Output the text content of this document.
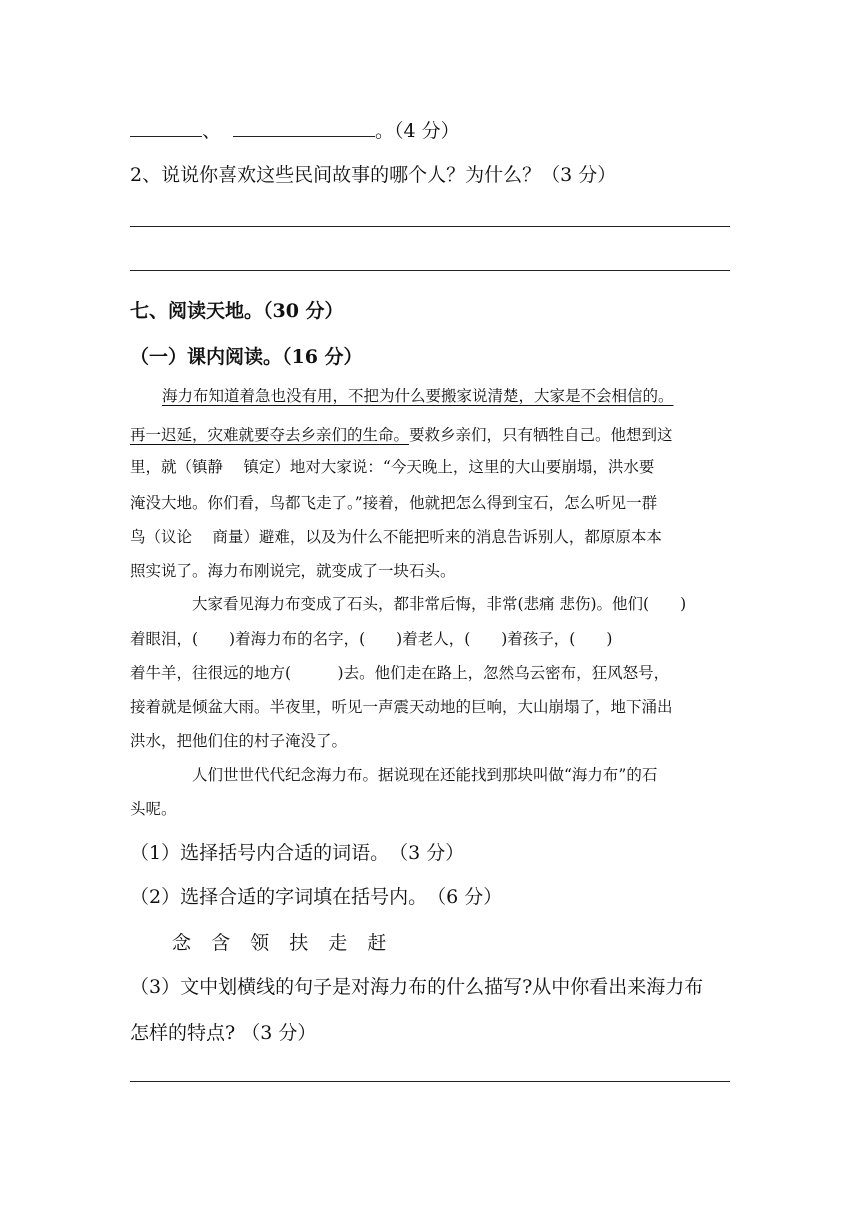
、	。（4 分）
2、说说你喜欢这些民间故事的哪个人？为什么？（3 分）
七、阅读天地。（30 分）
（一）课内阅读。（16 分）
海力布知道着急也没有用，不把为什么要搬家说清楚，大家是不会相信的。
再一迟延，灾难就要夺去乡亲们的生命。要救乡亲们，只有牺牲自己。他想到这
里，就（镇静　 镇定）地对大家说：“今天晚上，这里的大山要崩塌，洪水要
淹没大地。你们看，鸟都飞走了。”接着，他就把怎么得到宝石，怎么听见一群
鸟（议论　 商量）避难，以及为什么不能把听来的消息告诉别人，都原原本本
照实说了。海力布刚说完，就变成了一块石头。
大家看见海力布变成了石头，都非常后悔，非常(悲痛 悲伤)。他们(　　)
着眼泪，(　　)着海力布的名字，(　　)着老人，(　　)着孩子，(　　)
着牛羊，往很远的地方(　　　)去。他们走在路上，忽然乌云密布，狂风怒号，
接着就是倾盆大雨。半夜里，听见一声震天动地的巨响，大山崩塌了，地下涌出
洪水，把他们住的村子淹没了。
人们世世代代纪念海力布。据说现在还能找到那块叫做“海力布”的石
头呢。
（1）选择括号内合适的词语。　（3 分）
（2）选择合适的字词填在括号内。　（6 分）
念 含 领 扶 走 赶
（3）文中划横线的句子是对海力布的什么描写?从中你看出来海力布
怎样的特点? （3 分）
